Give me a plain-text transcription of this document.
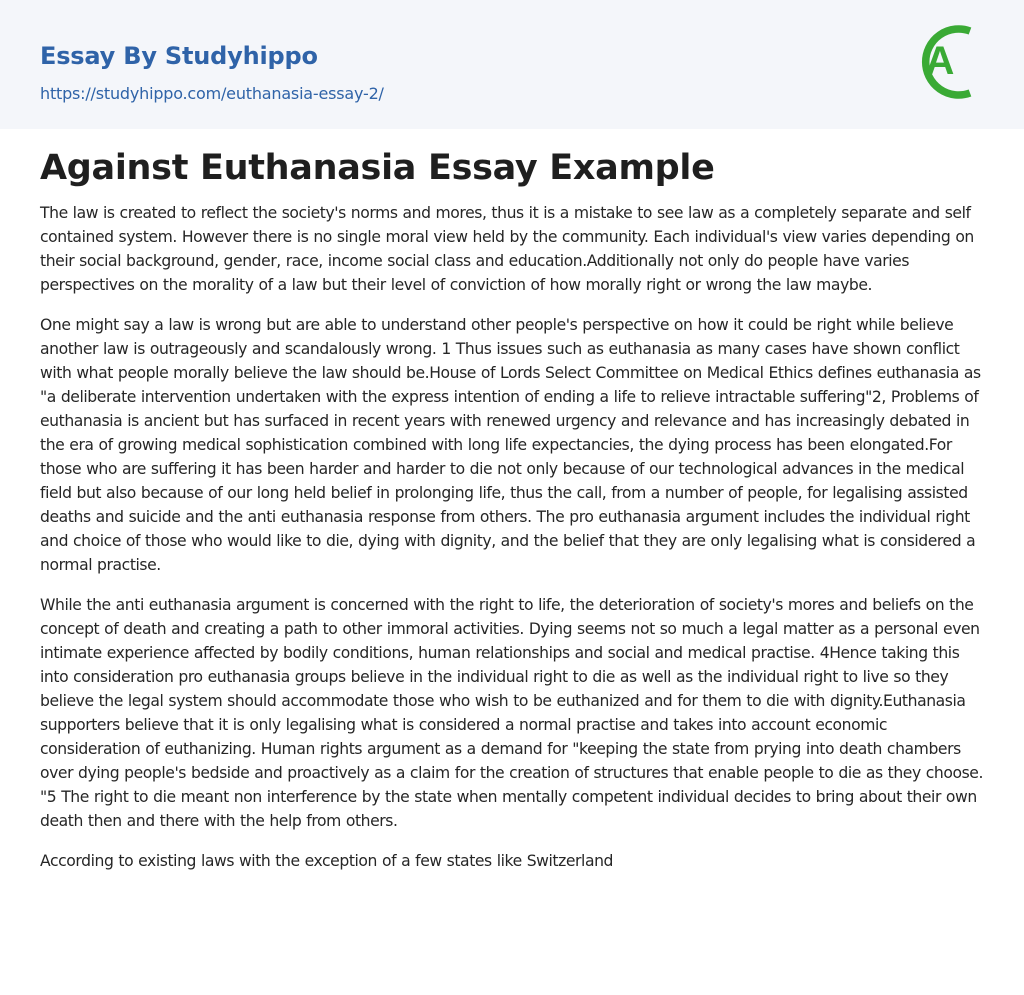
Essay By Studyhippo
https://studyhippo.com/euthanasia-essay-2/
A
Against Euthanasia Essay Example

The law is created to reflect the society's norms and mores, thus it is a mistake to see law as a completely separate and self contained system. However there is no single moral view held by the community. Each individual's view varies depending on their social background, gender, race, income social class and education.Additionally not only do people have varies perspectives on the morality of a law but their level of conviction of how morally right or wrong the law maybe.

One might say a law is wrong but are able to understand other people's perspective on how it could be right while believe another law is outrageously and scandalously wrong. 1 Thus issues such as euthanasia as many cases have shown conflict with what people morally believe the law should be.House of Lords Select Committee on Medical Ethics defines euthanasia as "a deliberate intervention undertaken with the express intention of ending a life to relieve intractable suffering"2, Problems of euthanasia is ancient but has surfaced in recent years with renewed urgency and relevance and has increasingly debated in the era of growing medical sophistication combined with long life expectancies, the dying process has been elongated.For those who are suffering it has been harder and harder to die not only because of our technological advances in the medical field but also because of our long held belief in prolonging life, thus the call, from a number of people, for legalising assisted deaths and suicide and the anti euthanasia response from others. The pro euthanasia argument includes the individual right and choice of those who would like to die, dying with dignity, and the belief that they are only legalising what is considered a normal practise.

While the anti euthanasia argument is concerned with the right to life, the deterioration of society's mores and beliefs on the concept of death and creating a path to other immoral activities. Dying seems not so much a legal matter as a personal even intimate experience affected by bodily conditions, human relationships and social and medical practise. 4Hence taking this into consideration pro euthanasia groups believe in the individual right to die as well as the individual right to live so they believe the legal system should accommodate those who wish to be euthanized and for them to die with dignity.Euthanasia supporters believe that it is only legalising what is considered a normal practise and takes into account economic consideration of euthanizing. Human rights argument as a demand for "keeping the state from prying into death chambers over dying people's bedside and proactively as a claim for the creation of structures that enable people to die as they choose. "5 The right to die meant non interference by the state when mentally competent individual decides to bring about their own death then and there with the help from others.

According to existing laws with the exception of a few states like Switzerland
